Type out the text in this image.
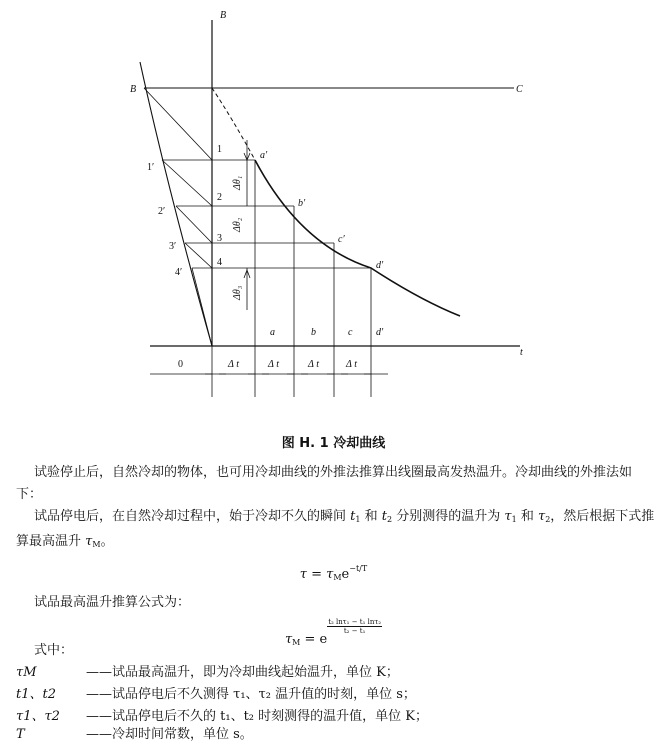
B
B	C
t
1
2
3
4
1′
2′
3′
4′
a′
b′
c′
d′
a	b	c d′
0	Δ t	Δ t	Δ t	Δ t
Δθ₁
Δθ₂
Δθ₃
图 H. 1 冷却曲线
试验停止后，自然冷却的物体，也可用冷却曲线的外推法推算出线圈最高发热温升。冷却曲线的外推法如下：
试品停电后，在自然冷却过程中，始于冷却不久的瞬间 $t_1$ 和 $t_2$ 分别测得的温升为 $\tau_1$ 和 $\tau_2$，然后根据下式推算最高温升 $\tau_M$。
$\tau = \tau_Me^{-t/T}$
试品最高温升推算公式为：
$\tau_M = e$
$\frac{\text{t₂ lnτ₁ − t₁ lnτ₂}}{\text{t₂ − t₁}}$
式中：
τM	——试品最高温升，即为冷却曲线起始温升，单位 K；
t1、t2 ——试品停电后不久测得 τ₁、τ₂ 温升值的时刻，单位 s；
τ1、τ2 ——试品停电后不久的 t₁、t₂ 时刻测得的温升值，单位 K；
T	——冷却时间常数，单位 s。
